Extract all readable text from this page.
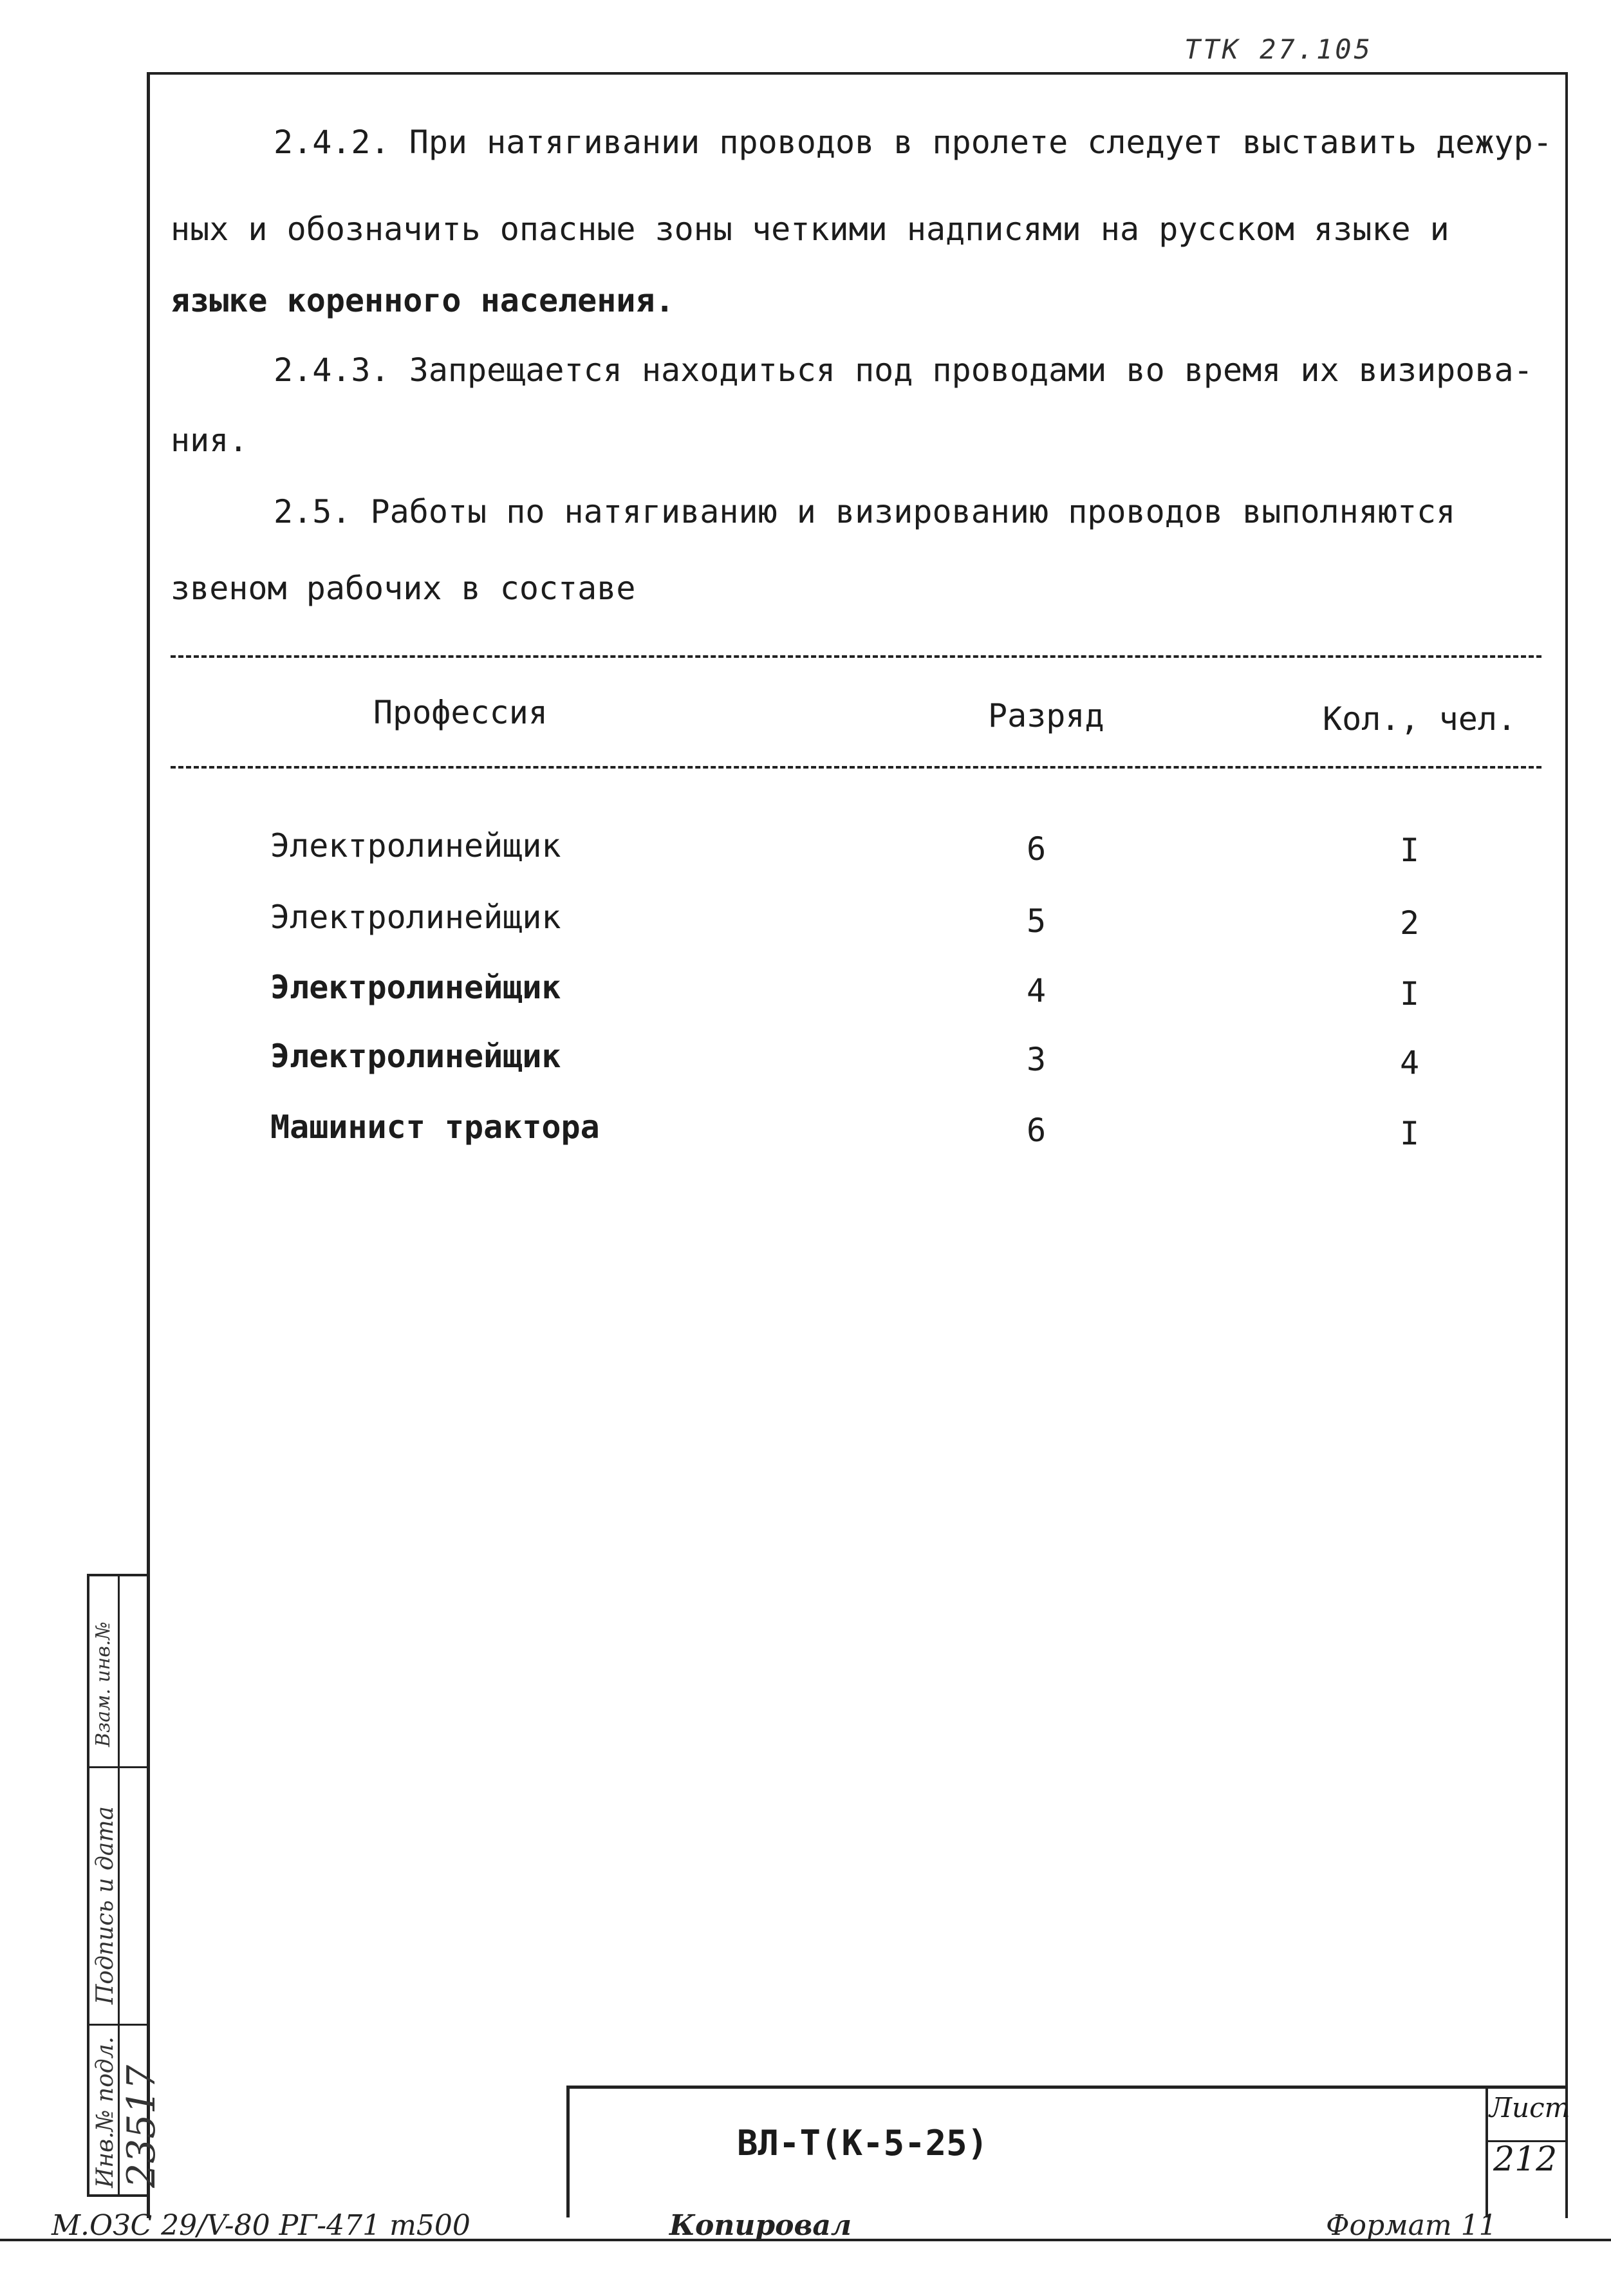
ТТК 27.105
2.4.2. При натягивании проводов в пролете следует выставить дежур-
ных и обозначить опасные зоны четкими надписями на русском языке и
языке коренного населения.
2.4.3. Запрещается находиться под проводами во время их визирова-
ния.
2.5. Работы по натягиванию и визированию проводов выполняются
звеном рабочих в составе
Профессия	Разряд	Кол., чел.
Электролинейщик	6	I
Электролинейщик	5	2
Электролинейщик	4	I
Электролинейщик	3	4
Машинист трактора	6	I
Инв.№ подл. 23517
Подпись и дата
Взам. инв.№
ВЛ-Т(К-5-25)
Лист
212
М.ОЗС 29/V-80 РГ-471 т500	Копировал	Формат 11
